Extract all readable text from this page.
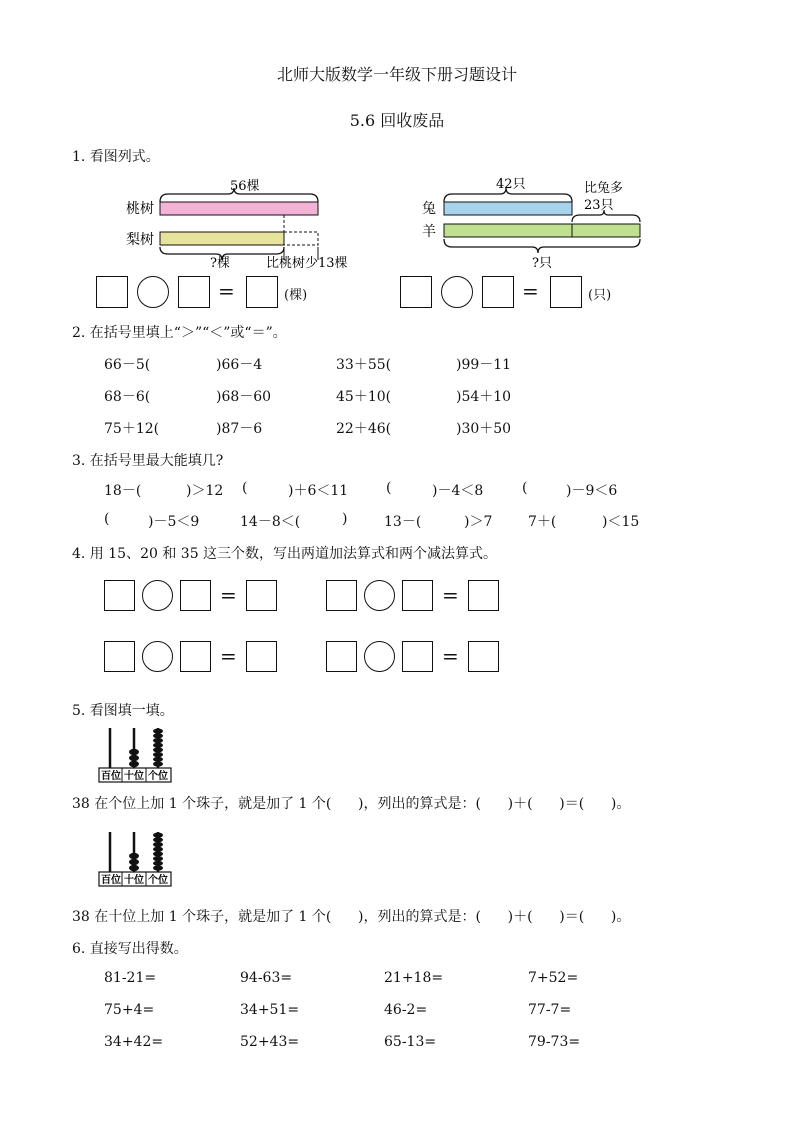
北师大版数学一年级下册习题设计
5.6 回收废品
1. 看图列式。
56棵
桃树
梨树
?棵	比桃树少13棵
42只	比兔多
23只
兔
羊
?只
=	(棵)	=	(只)
2. 在括号里填上“＞”“＜”或“＝”。
66－5(	)66－4	33＋55(	)99－11
68－6(	)68－60	45＋10(	)54＋10
75＋12(	)87－6	22＋46(	)30＋50
3. 在括号里最大能填几?
18－(	)＞12 (	)＋6＜11	(	)－4＜8	(	)－9＜6
(	)－5＜9	14－8＜(	)	13－(	)＞7	7＋(	)＜15
4. 用 15、20 和 35 这三个数，写出两道加法算式和两个减法算式。
=	=
=	=
5. 看图填一填。
百位 十位 个位
38 在个位上加 1 个珠子，就是加了 1 个(      )，列出的算式是：(      )＋(      )＝(      )。
百位 十位 个位
38 在十位上加 1 个珠子，就是加了 1 个(      )，列出的算式是：(      )＋(      )＝(      )。
6. 直接写出得数。
81-21=	94-63=	21+18=	7+52=
75+4=	34+51=	46-2=	77-7=
34+42=	52+43=	65-13=	79-73=
